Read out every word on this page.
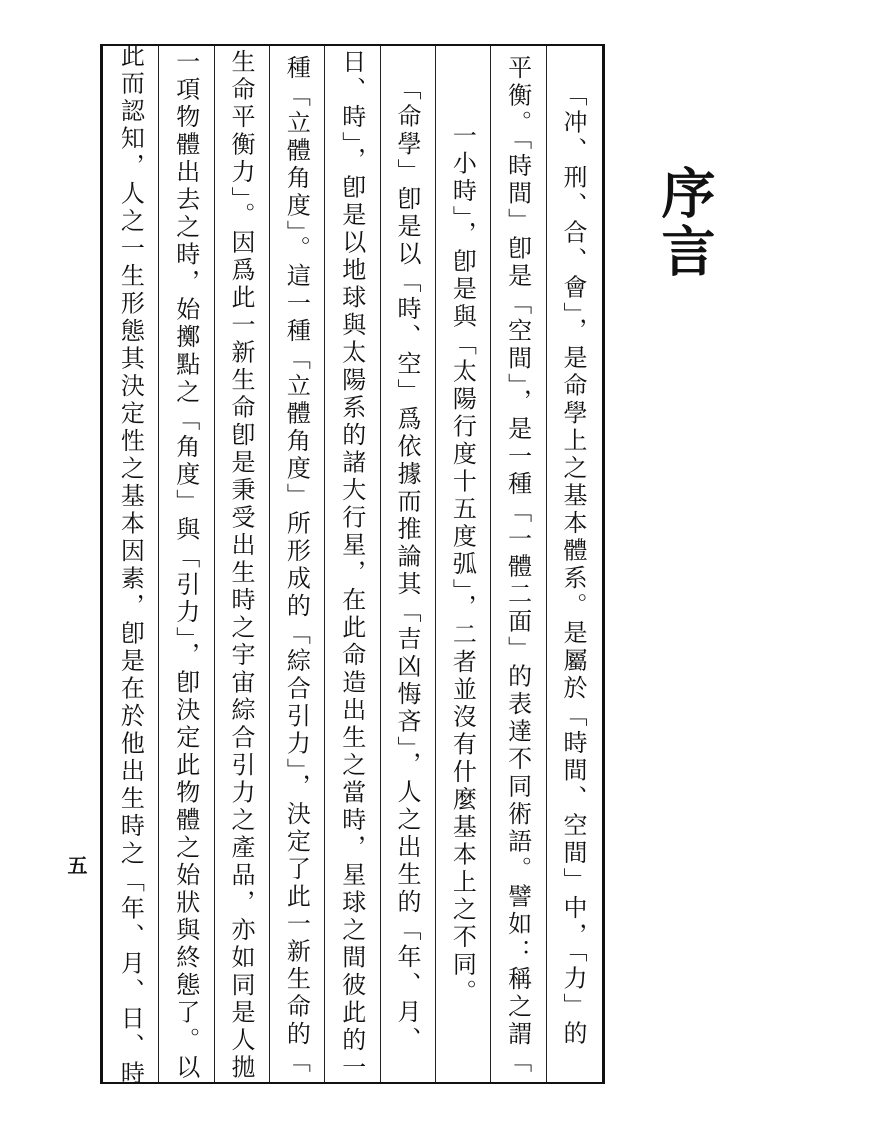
序言
「冲、刑、合、會」，是命學上之基本體系。是屬於「時間、空間」中，「力」的
平衡。「時間」卽是「空間」，是一種「一體二面」的表達不同術語。譬如：稱之謂「
一小時」，卽是與「太陽行度十五度弧」，二者並沒有什麼基本上之不同。
「命學」卽是以「時、空」爲依據而推論其「吉凶悔吝」，人之出生的「年、月、
日、時」，卽是以地球與太陽系的諸大行星，在此命造出生之當時，星球之間彼此的一
種「立體角度」。這一種「立體角度」所形成的「綜合引力」，決定了此一新生命的「
生命平衡力」。因爲此一新生命卽是秉受出生時之宇宙綜合引力之產品，亦如同是人拋
一項物體出去之時，始擲點之「角度」與「引力」，卽決定此物體之始狀與終態了。以
此而認知，人之一生形態其決定性之基本因素，卽是在於他出生時之「年、月、日、時
五
